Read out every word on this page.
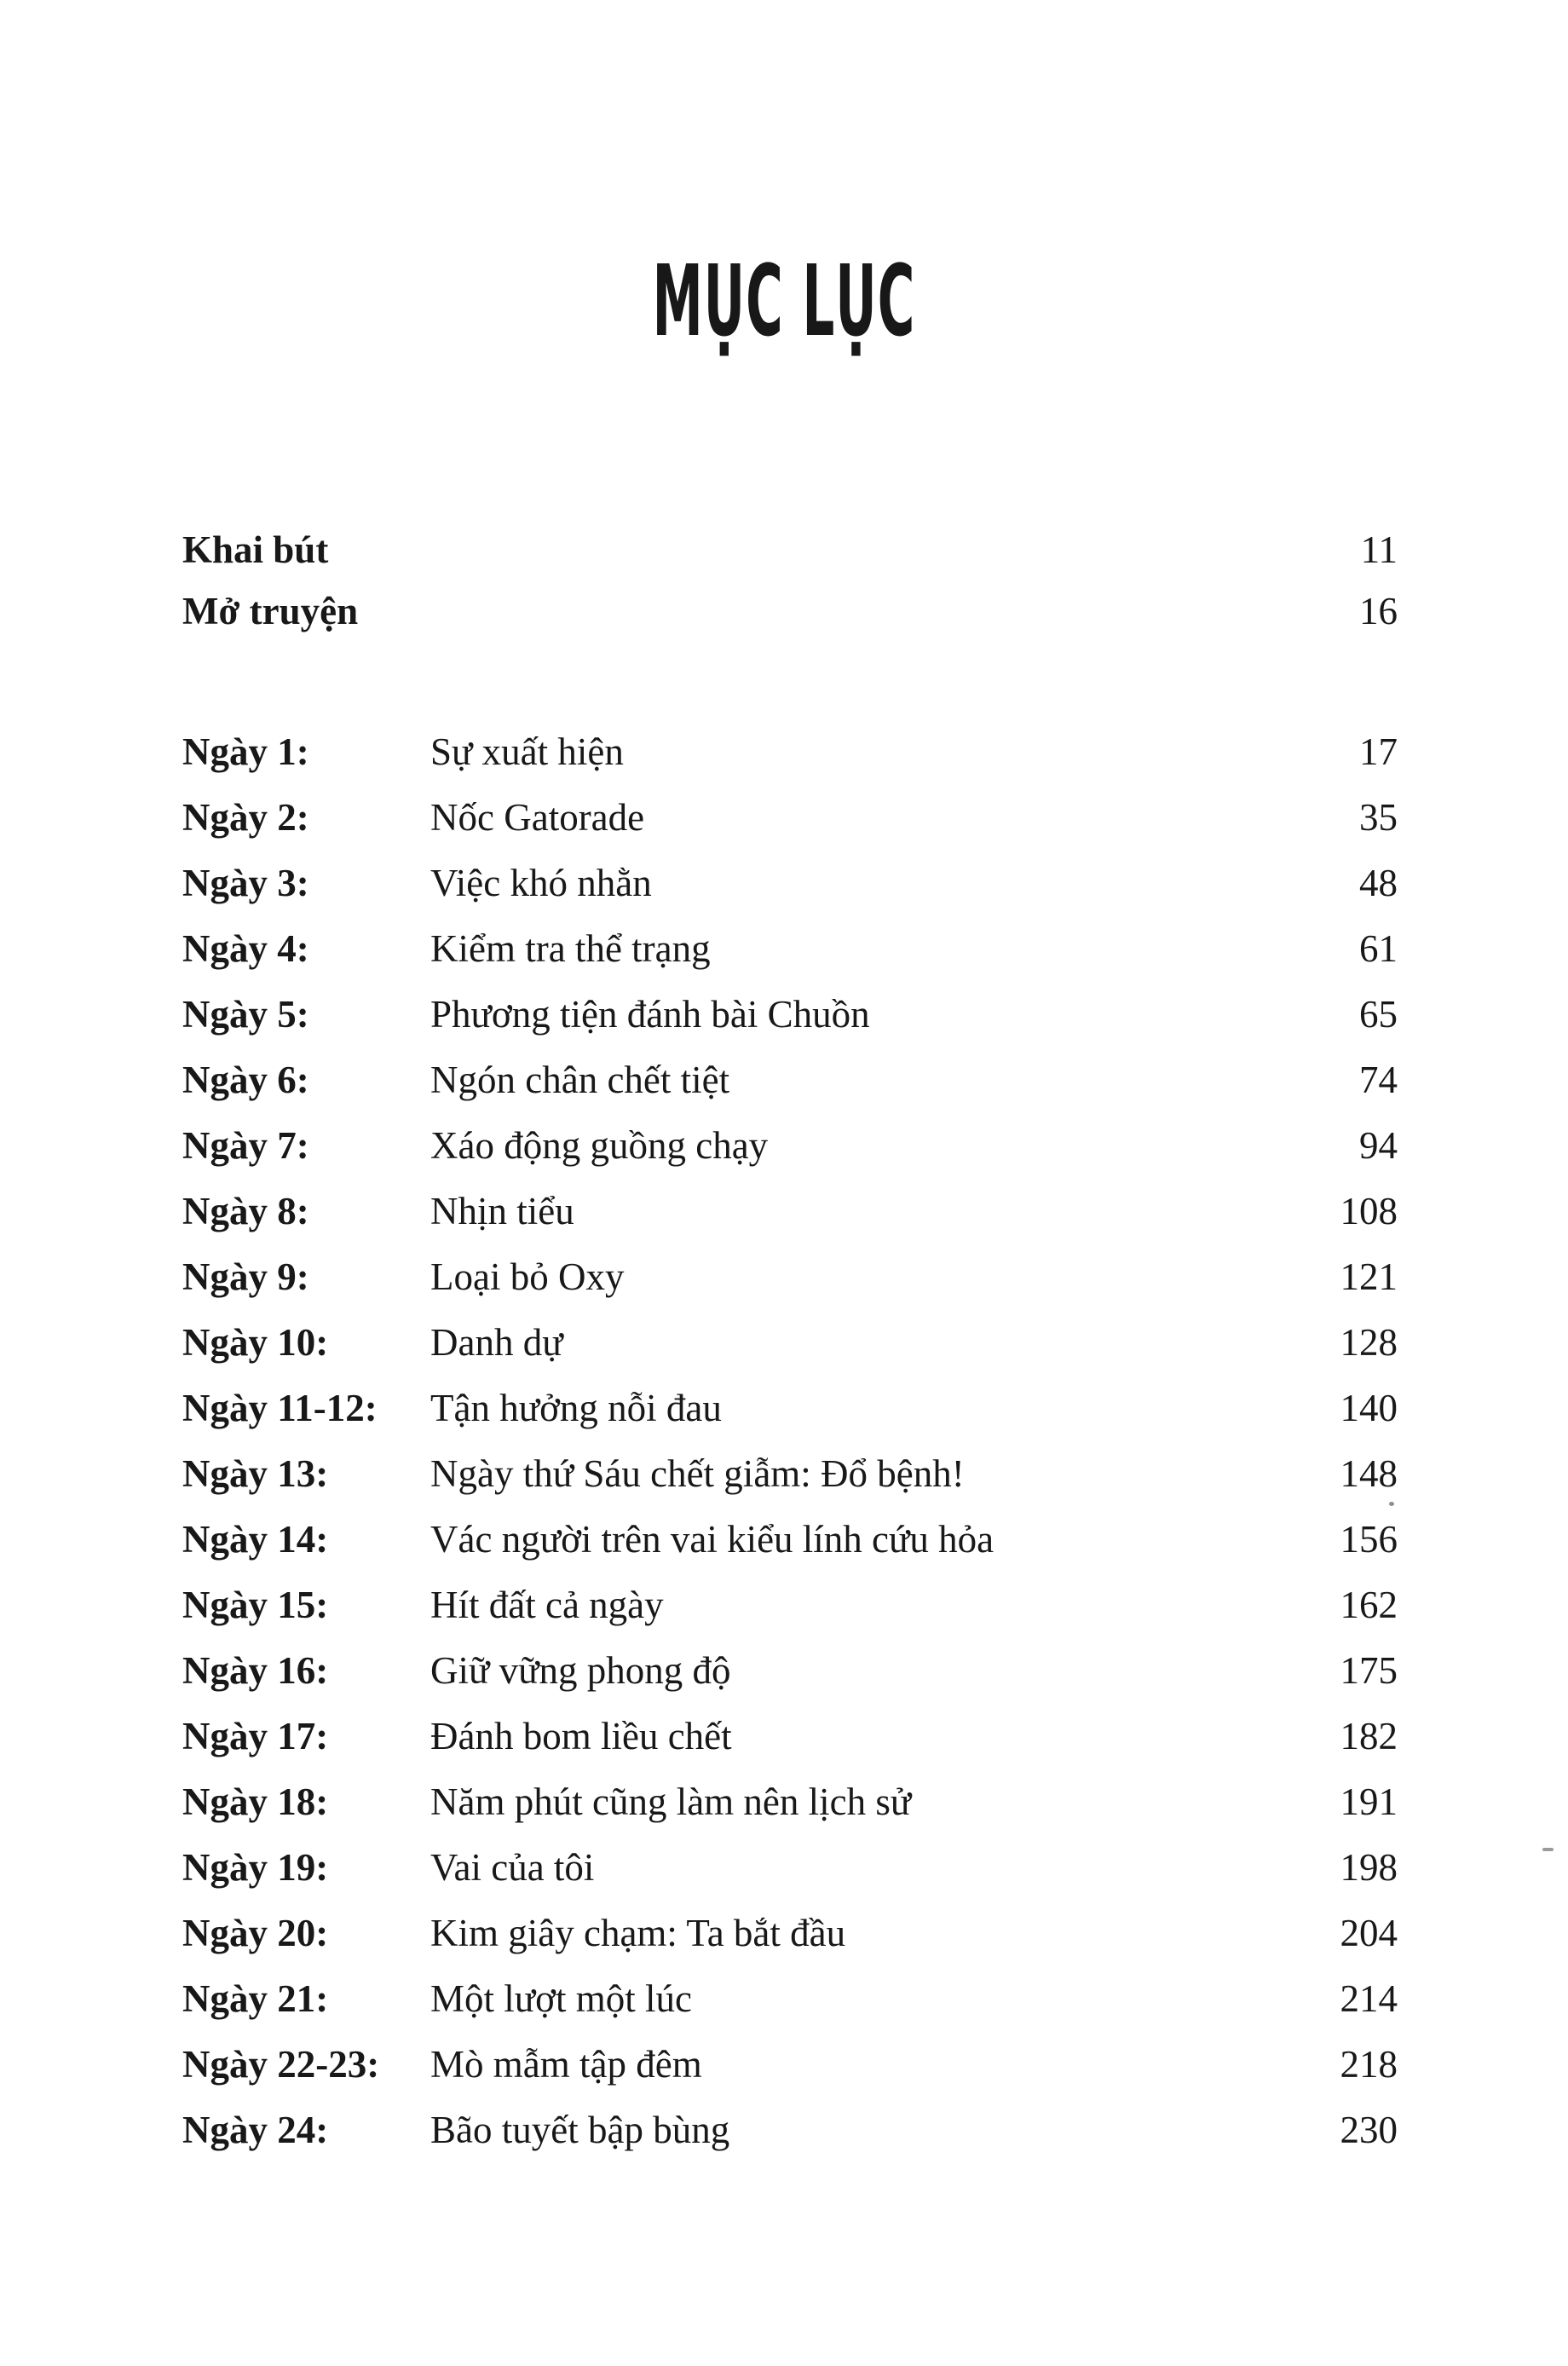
MỤC LỤC
Khai bút	11
Mở truyện	16
Ngày 1:	Sự xuất hiện	17
Ngày 2:	Nốc Gatorade	35
Ngày 3:	Việc khó nhằn	48
Ngày 4:	Kiểm tra thể trạng	61
Ngày 5:	Phương tiện đánh bài Chuồn	65
Ngày 6:	Ngón chân chết tiệt	74
Ngày 7:	Xáo động guồng chạy	94
Ngày 8:	Nhịn tiểu	108
Ngày 9:	Loại bỏ Oxy	121
Ngày 10:	Danh dự	128
Ngày 11-12:	Tận hưởng nỗi đau	140
Ngày 13:	Ngày thứ Sáu chết giẫm: Đổ bệnh!	148
Ngày 14:	Vác người trên vai kiểu lính cứu hỏa	156
Ngày 15:	Hít đất cả ngày	162
Ngày 16:	Giữ vững phong độ	175
Ngày 17:	Đánh bom liều chết	182
Ngày 18:	Năm phút cũng làm nên lịch sử	191
Ngày 19:	Vai của tôi	198
Ngày 20:	Kim giây chạm: Ta bắt đầu	204
Ngày 21:	Một lượt một lúc	214
Ngày 22-23:	Mò mẫm tập đêm	218
Ngày 24:	Bão tuyết bập bùng	230
